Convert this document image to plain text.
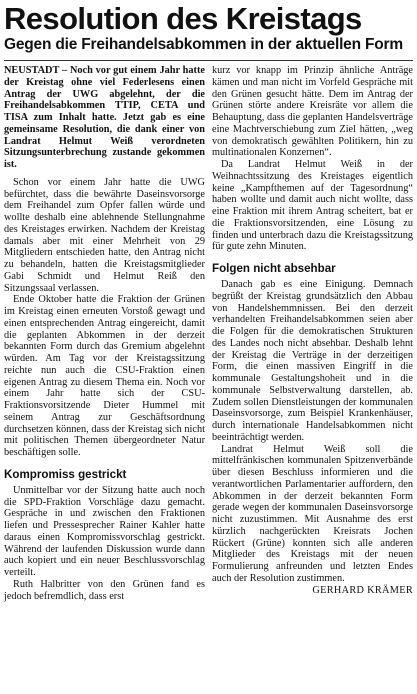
Resolution des Kreistags
Gegen die Freihandelsabkommen in der aktuellen Form

NEUSTADT – Noch vor gut einem Jahr hatte der Kreistag ohne viel Federlesens einen Antrag der UWG abgelehnt, der die Freihandelsabkommen TTIP, CETA und TISA zum Inhalt hatte. Jetzt gab es eine gemeinsame Resolution, die dank einer von Landrat Helmut Weiß verordneten Sitzungsunterbrechung zustande gekommen ist.

Schon vor einem Jahr hatte die UWG befürchtet, dass die bewährte Daseinsvorsorge dem Freihandel zum Opfer fallen würde und wollte deshalb eine ablehnende Stellungnahme des Kreistages erwirken. Nachdem der Kreistag damals aber mit einer Mehrheit von 29 Mitgliedern entschieden hatte, den Antrag nicht zu behandeln, hatten die Kreistagsmitglieder Gabi Schmidt und Helmut Reiß den Sitzungssaal verlassen.

Ende Oktober hatte die Fraktion der Grünen im Kreistag einen erneuten Vorstoß gewagt und einen entsprechenden Antrag eingereicht, damit die geplanten Abkommen in der derzeit bekannten Form durch das Gremium abgelehnt würden. Am Tag vor der Kreistagssitzung reichte nun auch die CSU-Fraktion einen eigenen Antrag zu diesem Thema ein. Noch vor einem Jahr hatte sich der CSU-Fraktionsvorsitzende Dieter Hummel mit seinem Antrag zur Geschäftsordnung durchsetzen können, dass der Kreistag sich nicht mit politischen Themen übergeordneter Natur beschäftigen solle.

Kompromiss gestrickt

Unmittelbar vor der Sitzung hatte auch noch die SPD-Fraktion Vorschläge dazu gemacht. Gespräche in und zwischen den Fraktionen liefen und Pressesprecher Rainer Kahler hatte daraus einen Kompromissvorschlag gestrickt. Während der laufenden Diskussion wurde dann auch kopiert und ein neuer Beschlussvorschlag verteilt.

Ruth Halbritter von den Grünen fand es jedoch befremdlich, dass erst

kurz vor knapp im Prinzip ähnliche Anträge kämen und man nicht im Vorfeld Gespräche mit den Grünen gesucht hätte. Dem im Antrag der Grünen störte andere Kreisräte vor allem die Behauptung, dass die geplanten Handelsverträge eine Machtverschiebung zum Ziel hätten, „weg von demokratisch gewählten Politikern, hin zu multinationalen Konzernen“.

Da Landrat Helmut Weiß in der Weihnachtssitzung des Kreistages eigentlich keine „Kampfthemen auf der Tagesordnung“ haben wollte und damit auch nicht wollte, dass eine Fraktion mit ihrem Antrag scheitert, bat er die Fraktionsvorsitzenden, eine Lösung zu finden und unterbrach dazu die Kreistagssitzung für gute zehn Minuten.

Folgen nicht absehbar

Danach gab es eine Einigung. Demnach begrüßt der Kreistag grundsätzlich den Abbau von Handelshemmnissen. Bei den derzeit verhandelten Freihandelsabkommen seien aber die Folgen für die demokratischen Strukturen des Landes noch nicht absehbar. Deshalb lehnt der Kreistag die Verträge in der derzeitigen Form, die einen massiven Eingriff in die kommunale Gestaltungshoheit und in die kommunale Selbstverwaltung darstellen, ab. Zudem sollen Dienstleistungen der kommunalen Daseinsvorsorge, zum Beispiel Krankenhäuser, durch internationale Handelsabkommen nicht beeinträchtigt werden.

Landrat Helmut Weiß soll die mittelfränkischen kommunalen Spitzenverbände über diesen Beschluss informieren und die verantwortlichen Parlamentarier auffordern, den Abkommen in der derzeit bekannten Form gerade wegen der kommunalen Daseinsvorsorge nicht zuzustimmen. Mit Ausnahme des erst kürzlich nachgerückten Kreisrats Jochen Rückert (Grüne) konnten sich alle anderen Mitglieder des Kreistags mit der neuen Formulierung anfreunden und letzten Endes auch der Resolution zustimmen.
GERHARD KRÄMER
